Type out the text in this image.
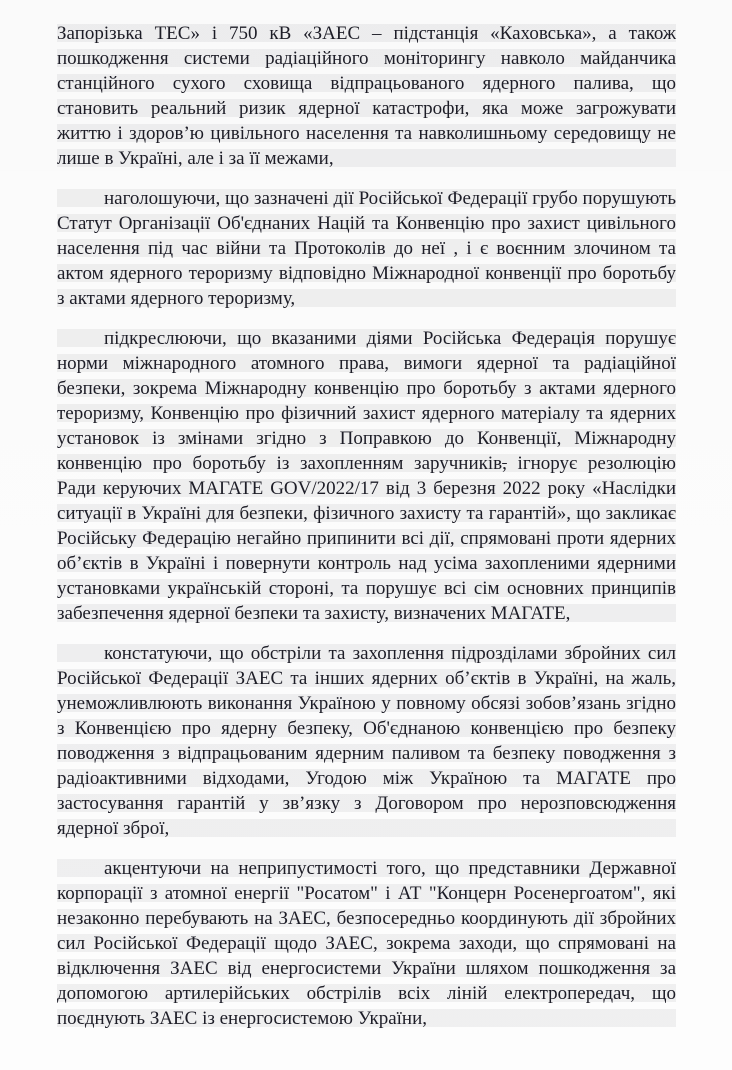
Запорізька ТЕС» і 750 кВ «ЗАЕС – підстанція «Каховська», а також пошкодження системи радіаційного моніторингу навколо майданчика станційного сухого сховища відпрацьованого ядерного палива, що становить реальний ризик ядерної катастрофи, яка може загрожувати життю і здоров’ю цивільного населення та навколишньому середовищу не лише в Україні, але і за її межами,

наголошуючи, що зазначені дії Російської Федерації грубо порушують Статут Організації Об'єднаних Націй та Конвенцію про захист цивільного населення під час війни та Протоколів до неї , і є воєнним злочином та актом ядерного тероризму відповідно Міжнародної конвенції про боротьбу з актами ядерного тероризму,

підкреслюючи, що вказаними діями Російська Федерація порушує норми міжнародного атомного права, вимоги ядерної та радіаційної безпеки, зокрема Міжнародну конвенцію про боротьбу з актами ядерного тероризму, Конвенцію про фізичний захист ядерного матеріалу та ядерних установок із змінами згідно з Поправкою до Конвенції, Міжнародну конвенцію про боротьбу із захопленням заручників, ігнорує резолюцію Ради керуючих МАГАТЕ GOV/2022/17 від 3 березня 2022 року «Наслідки ситуації в Україні для безпеки, фізичного захисту та гарантій», що закликає Російську Федерацію негайно припинити всі дії, спрямовані проти ядерних об’єктів в Україні і повернути контроль над усіма захопленими ядерними установками українській стороні, та порушує всі сім основних принципів забезпечення ядерної безпеки та захисту, визначених МАГАТЕ,

констатуючи, що обстріли та захоплення підрозділами збройних сил Російської Федерації ЗАЕС та інших ядерних об’єктів в Україні, на жаль, унеможливлюють виконання Україною у повному обсязі зобов’язань згідно з Конвенцією про ядерну безпеку, Об'єднаною конвенцією про безпеку поводження з відпрацьованим ядерним паливом та безпеку поводження з радіоактивними відходами, Угодою між Україною та МАГАТЕ про застосування гарантій у зв’язку з Договором про нерозповсюдження ядерної зброї,

акцентуючи на неприпустимості того, що представники Державної корпорації з атомної енергії "Росатом" і АТ "Концерн Росенергоатом", які незаконно перебувають на ЗАЕС, безпосередньо координують дії збройних сил Російської Федерації щодо ЗАЕС, зокрема заходи, що спрямовані на відключення ЗАЕС від енергосистеми України шляхом пошкодження за допомогою артилерійських обстрілів всіх ліній електропередач, що поєднують ЗАЕС із енергосистемою України,
